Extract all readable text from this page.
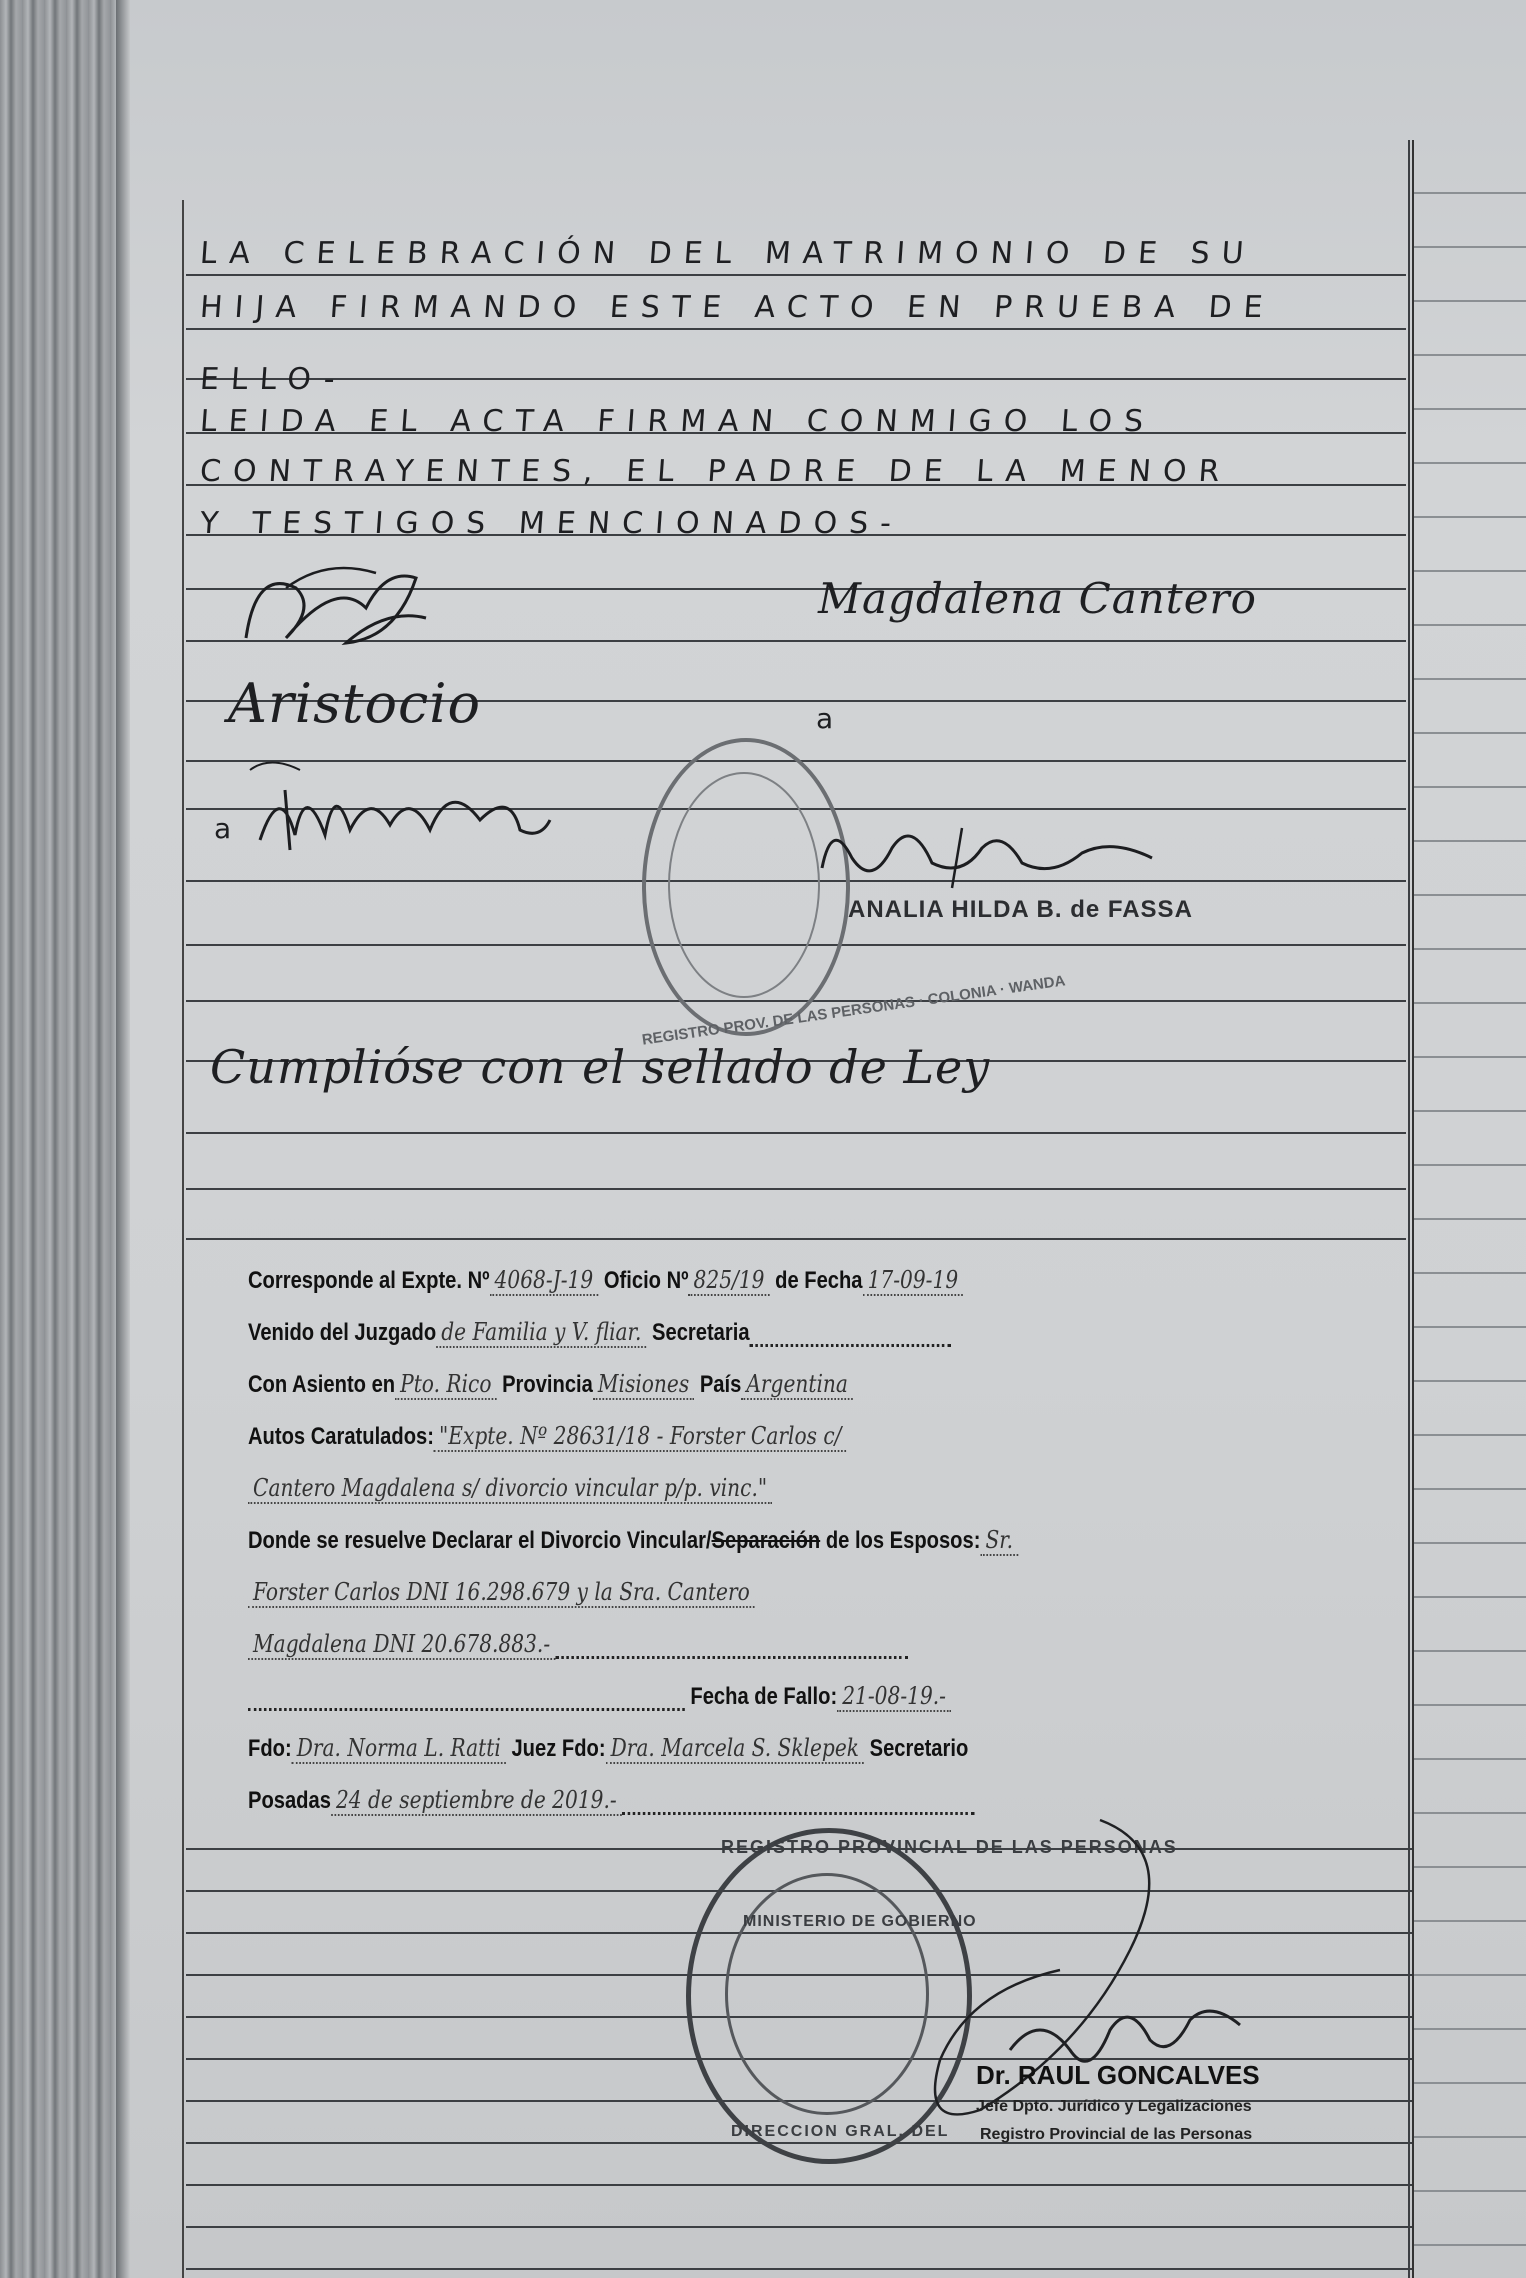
LA CELEBRACIÓN DEL MATRIMONIO DE SU
HIJA FIRMANDO ESTE ACTO EN PRUEBA DE
ELLO-
LEIDA EL ACTA FIRMAN CONMIGO LOS
CONTRAYENTES, EL PADRE DE LA MENOR
Y TESTIGOS MENCIONADOS-
Magdalena Cantero
Aristocio
a
a
REGISTRO PROV. DE LAS PERSONAS · COLONIA · WANDA
ANALIA HILDA B. de FASSA
Cumplióse con el sellado de Ley
Corresponde al Expte. Nº 4068-J-19 Oficio Nº 825/19 de Fecha 17-09-19
Venido del Juzgado de Familia y V. fliar. Secretaria
Con Asiento en Pto. Rico Provincia Misiones País Argentina
Autos Caratulados: "Expte. Nº 28631/18 - Forster Carlos c/
Cantero Magdalena s/ divorcio vincular p/p. vinc."
Donde se resuelve Declarar el Divorcio Vincular/Separación de los Esposos: Sr.
Forster Carlos DNI 16.298.679 y la Sra. Cantero
Magdalena DNI 20.678.883.-
Fecha de Fallo: 21-08-19.-
Fdo: Dra. Norma L. Ratti Juez Fdo: Dra. Marcela S. Sklepek Secretario
Posadas 24 de septiembre de 2019.-
REGISTRO PROVINCIAL DE LAS PERSONAS
MINISTERIO DE GOBIERNO
DIRECCION GRAL. DEL
Dr. RAUL GONCALVES
Jefe Dpto. Jurídico y Legalizaciones
Registro Provincial de las Personas
